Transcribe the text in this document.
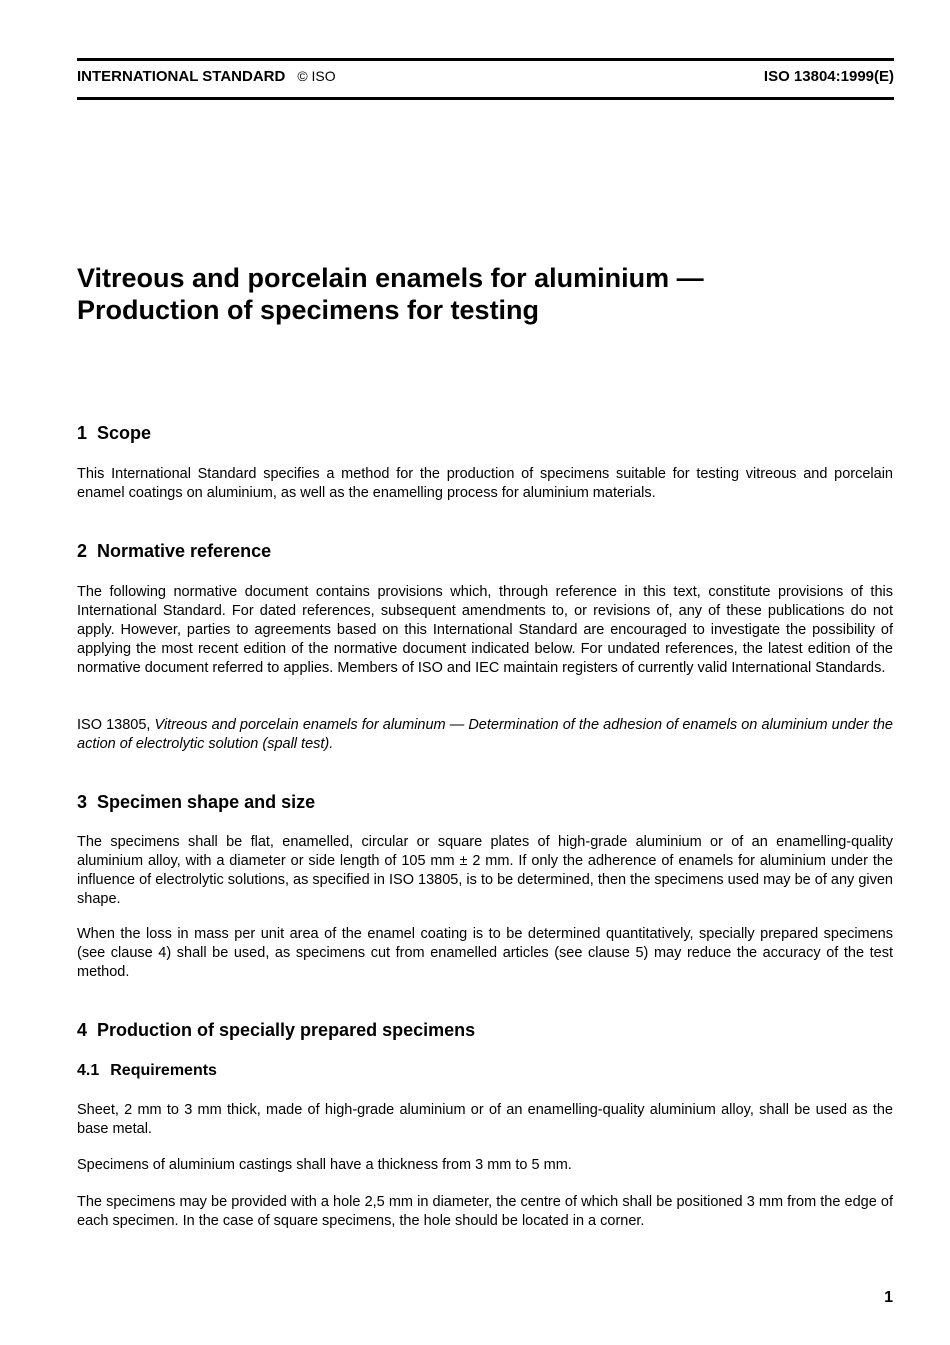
INTERNATIONAL STANDARD © ISO	ISO 13804:1999(E)
Vitreous and porcelain enamels for aluminium —
Production of specimens for testing
1 Scope
This International Standard specifies a method for the production of specimens suitable for testing vitreous and porcelain enamel coatings on aluminium, as well as the enamelling process for aluminium materials.
2 Normative reference
The following normative document contains provisions which, through reference in this text, constitute provisions of this International Standard. For dated references, subsequent amendments to, or revisions of, any of these publications do not apply. However, parties to agreements based on this International Standard are encouraged to investigate the possibility of applying the most recent edition of the normative document indicated below. For undated references, the latest edition of the normative document referred to applies. Members of ISO and IEC maintain registers of currently valid International Standards.
ISO 13805, Vitreous and porcelain enamels for aluminum — Determination of the adhesion of enamels on aluminium under the action of electrolytic solution (spall test).
3 Specimen shape and size
The specimens shall be flat, enamelled, circular or square plates of high-grade aluminium or of an enamelling-quality aluminium alloy, with a diameter or side length of 105 mm ± 2 mm. If only the adherence of enamels for aluminium under the influence of electrolytic solutions, as specified in ISO 13805, is to be determined, then the specimens used may be of any given shape.
When the loss in mass per unit area of the enamel coating is to be determined quantitatively, specially prepared specimens (see clause 4) shall be used, as specimens cut from enamelled articles (see clause 5) may reduce the accuracy of the test method.
4 Production of specially prepared specimens
4.1 Requirements
Sheet, 2 mm to 3 mm thick, made of high-grade aluminium or of an enamelling-quality aluminium alloy, shall be used as the base metal.
Specimens of aluminium castings shall have a thickness from 3 mm to 5 mm.
The specimens may be provided with a hole 2,5 mm in diameter, the centre of which shall be positioned 3 mm from the edge of each specimen. In the case of square specimens, the hole should be located in a corner.
1
